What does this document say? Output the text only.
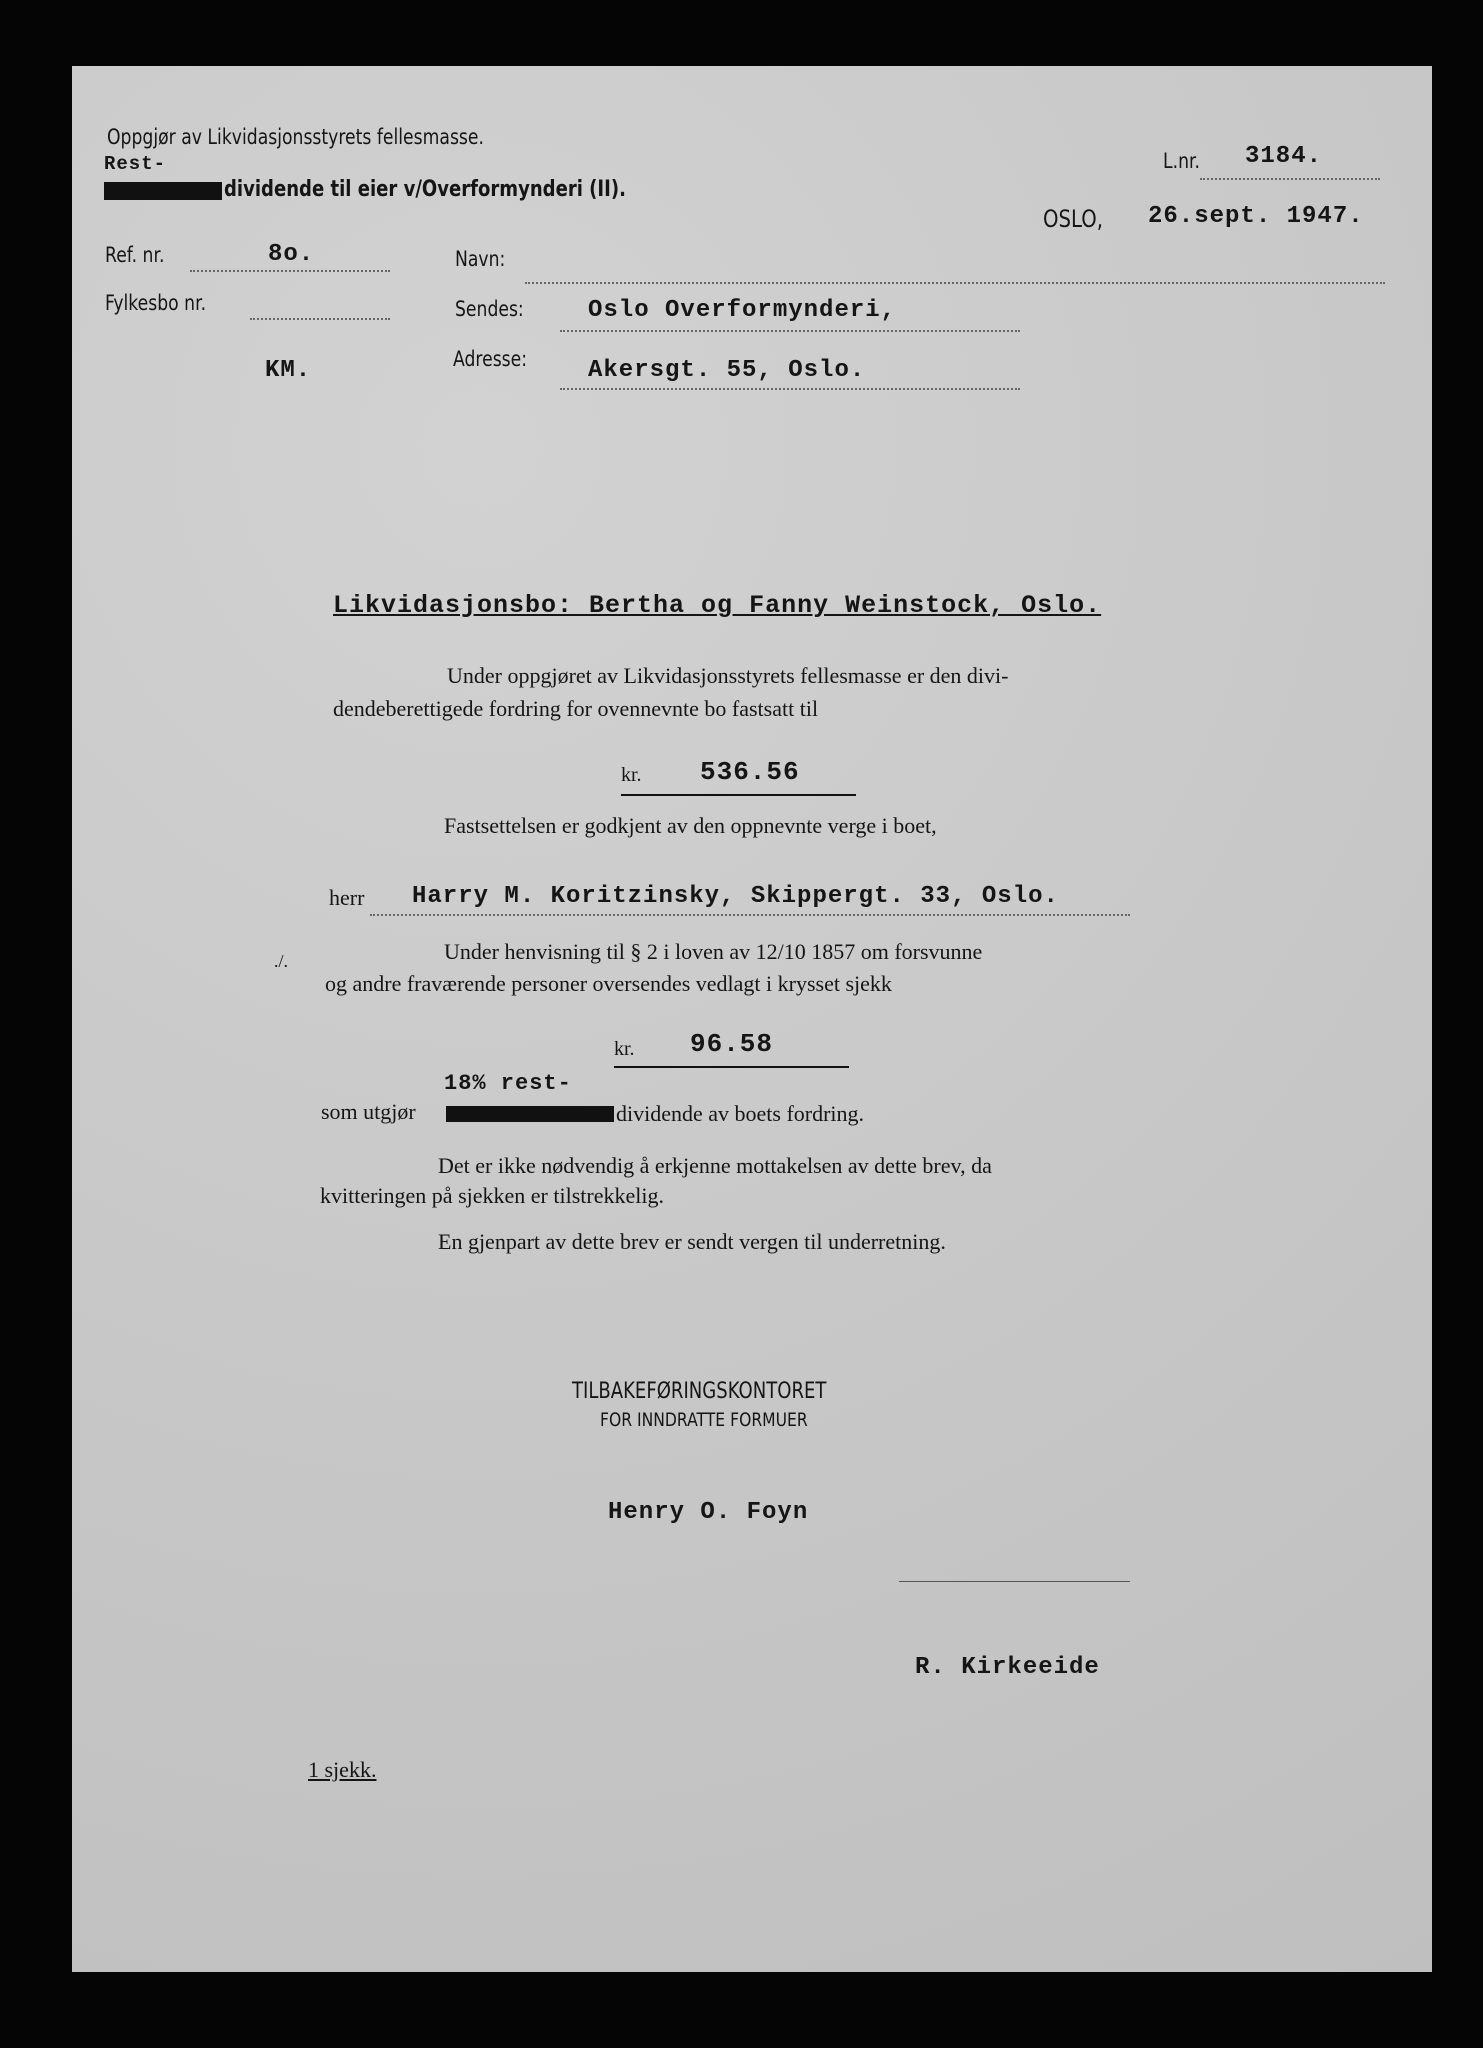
Oppgjør av Likvidasjonsstyrets fellesmasse.
Rest-
dividende til eier v/Overformynderi (II).
L.nr. 3184.
OSLO, 26.sept. 1947.
Ref. nr.	8o.	Navn:
Fylkesbo nr.	Sendes:	Oslo Overformynderi,
KM.	Adresse:	Akersgt. 55, Oslo.
Likvidasjonsbo: Bertha og Fanny Weinstock, Oslo.
Under oppgjøret av Likvidasjonsstyrets fellesmasse er den divi-
dendeberettigede fordring for ovennevnte bo fastsatt til
kr. 536.56
Fastsettelsen er godkjent av den oppnevnte verge i boet,
herr Harry M. Koritzinsky, Skippergt. 33, Oslo.
Under henvisning til § 2 i loven av 12/10 1857 om forsvunne
./.
og andre fraværende personer oversendes vedlagt i krysset sjekk
kr. 96.58
18% rest-
som utgjør	dividende av boets fordring.
Det er ikke nødvendig å erkjenne mottakelsen av dette brev, da
kvitteringen på sjekken er tilstrekkelig.
En gjenpart av dette brev er sendt vergen til underretning.
TILBAKEFØRINGSKONTORET
FOR INNDRATTE FORMUER
Henry O. Foyn
R. Kirkeeide
1 sjekk.
